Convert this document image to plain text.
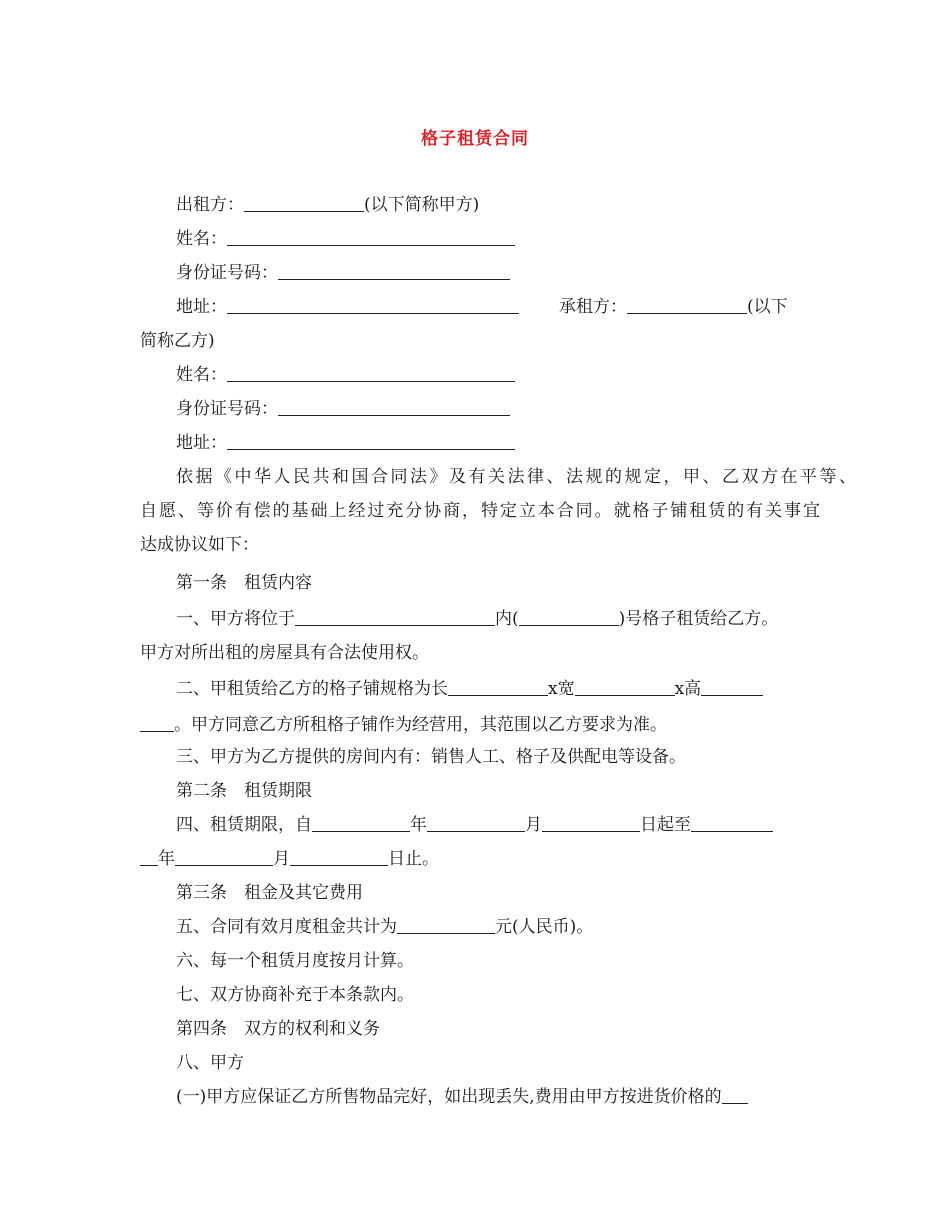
格子租赁合同
出租方：	(以下简称甲方)
姓名：
身份证号码：
地址：	承租方：	(以下
简称乙方)
姓名：
身份证号码：
地址：
依据《中华人民共和国合同法》及有关法律、法规的规定，甲、乙双方在平等、
自愿、等价有偿的基础上经过充分协商，特定立本合同。就格子铺租赁的有关事宜
达成协议如下：
第一条　租赁内容
一、甲方将位于	内(	)号格子租赁给乙方。
甲方对所出租的房屋具有合法使用权。
二、甲租赁给乙方的格子铺规格为长	x宽	x高
。甲方同意乙方所租格子铺作为经营用，其范围以乙方要求为准。
三、甲方为乙方提供的房间内有：销售人工、格子及供配电等设备。
第二条　租赁期限
四、租赁期限，自	年	月	日起至
年	月	日止。
第三条　租金及其它费用
五、合同有效月度租金共计为	元(人民币)。
六、每一个租赁月度按月计算。
七、双方协商补充于本条款内。
第四条　双方的权利和义务
八、甲方
(一)甲方应保证乙方所售物品完好，如出现丢失,费用由甲方按进货价格的
